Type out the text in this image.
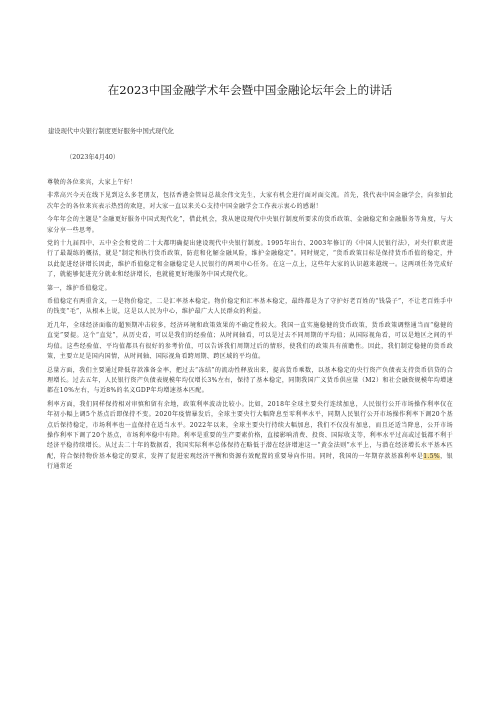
在2023中国金融学术年会暨中国金融论坛年会上的讲话
建设现代中央银行制度更好服务中国式现代化
（2023年4月40）

尊敬的各位来宾，大家上午好！

非常高兴今天在线下见到这么多老朋友，包括香港金管局总裁余伟文先生，大家有机会进行面对面交流。首先，我代表中国金融学会，向参加此次年会的各位来宾表示热烈的欢迎，对大家一直以来关心支持中国金融学会工作表示衷心的感谢！

今年年会的主题是“金融更好服务中国式现代化”，借此机会，我从建设现代中央银行制度所要求的货币政策、金融稳定和金融服务等角度，与大家分享一些思考。

党的十九届四中、五中全会和党的二十大都明确提出建设现代中央银行制度。1995年出台、2003年修订的《中国人民银行法》，对央行职责进行了最凝练的概括，就是“制定和执行货币政策，防范和化解金融风险，维护金融稳定”。同时规定，“货币政策目标是保持货币币值的稳定，并以此促进经济增长因此，维护币值稳定和金融稳定是人民银行的两项中心任务。在这一点上，这些年大家的认识越来越统一。这两项任务完成好了，就能够促进充分就业和经济增长，也就能更好地服务中国式现代化。

第一，维护币值稳定。

币值稳定有两重含义，一是物价稳定，二是汇率基本稳定。物价稳定和汇率基本稳定，最终都是为了守护好老百姓的“钱袋子”，不让老百姓手中的钱变“毛”，从根本上说，这是以人民为中心，维护最广大人民群众的利益。

近几年，全球经济面临的超预期冲击较多，经济环境和政策效果的不确定性较大。我国一直实施稳健的货币政策，货币政策调整通当而“稳健的直觉”要提。这个“直觉”，从历史看，可以是我们的经验值；从时间轴看，可以是过去不同周期的平均值；从国际视角看，可以是地区之间的平均值。这些经验值、平均值都具有很好的参考价值，可以告诉我们周期过后的情形，使我们的政策具有前瞻性。因此，我们制定稳健的货币政策，主要立足是国内国情，从时间轴、国际视角看跨周期、跨区域的平均值。

总量方面，我们主要通过降低存款准备金率，把过去“冻结”的流动性释放出来，提高货币乘数，以基本稳定的央行资产负债表支持货币信贷的合理增长。过去五年，人民银行资产负债表规模年均仅增长3%左右，保持了基本稳定，同期我国广义货币供应量（M2）和社会融资规模年均增速都在10%左右，与近8%的名义GDP年均增速基本匹配。

利率方面，我们同样保持相对审慎和留有余地，政策利率波动比较小。比如，2018年全球主要央行连续加息，人民银行公开市场操作利率仅在年初小幅上调5个基点后即保持不变。2020年疫情暴发后，全球主要央行大幅降息至零利率水平，同期人民银行公开市场操作利率下调20个基点后保持稳定，市场利率也一直保持在适当水平。2022年以来，全球主要央行持续大幅加息，我们不仅没有加息，而且还适当降息，公开市场操作利率下调了20个基点，市场利率稳中有降。利率是重要的生产要素价格，直接影响消费、投资、国际收支等，利率水平过高或过低都不利于经济平稳持续增长。从过去二十年的数据看，我国实际利率总体保持在略低于潜在经济增速这一“黄金法则”水平上，与潜在经济增长水平基本匹配，符合保持物价基本稳定的要求，发挥了促进宏观经济平衡和资源有效配置的重要导向作用。同时，我国的一年期存款基准利率是1.5%，银行通常还
